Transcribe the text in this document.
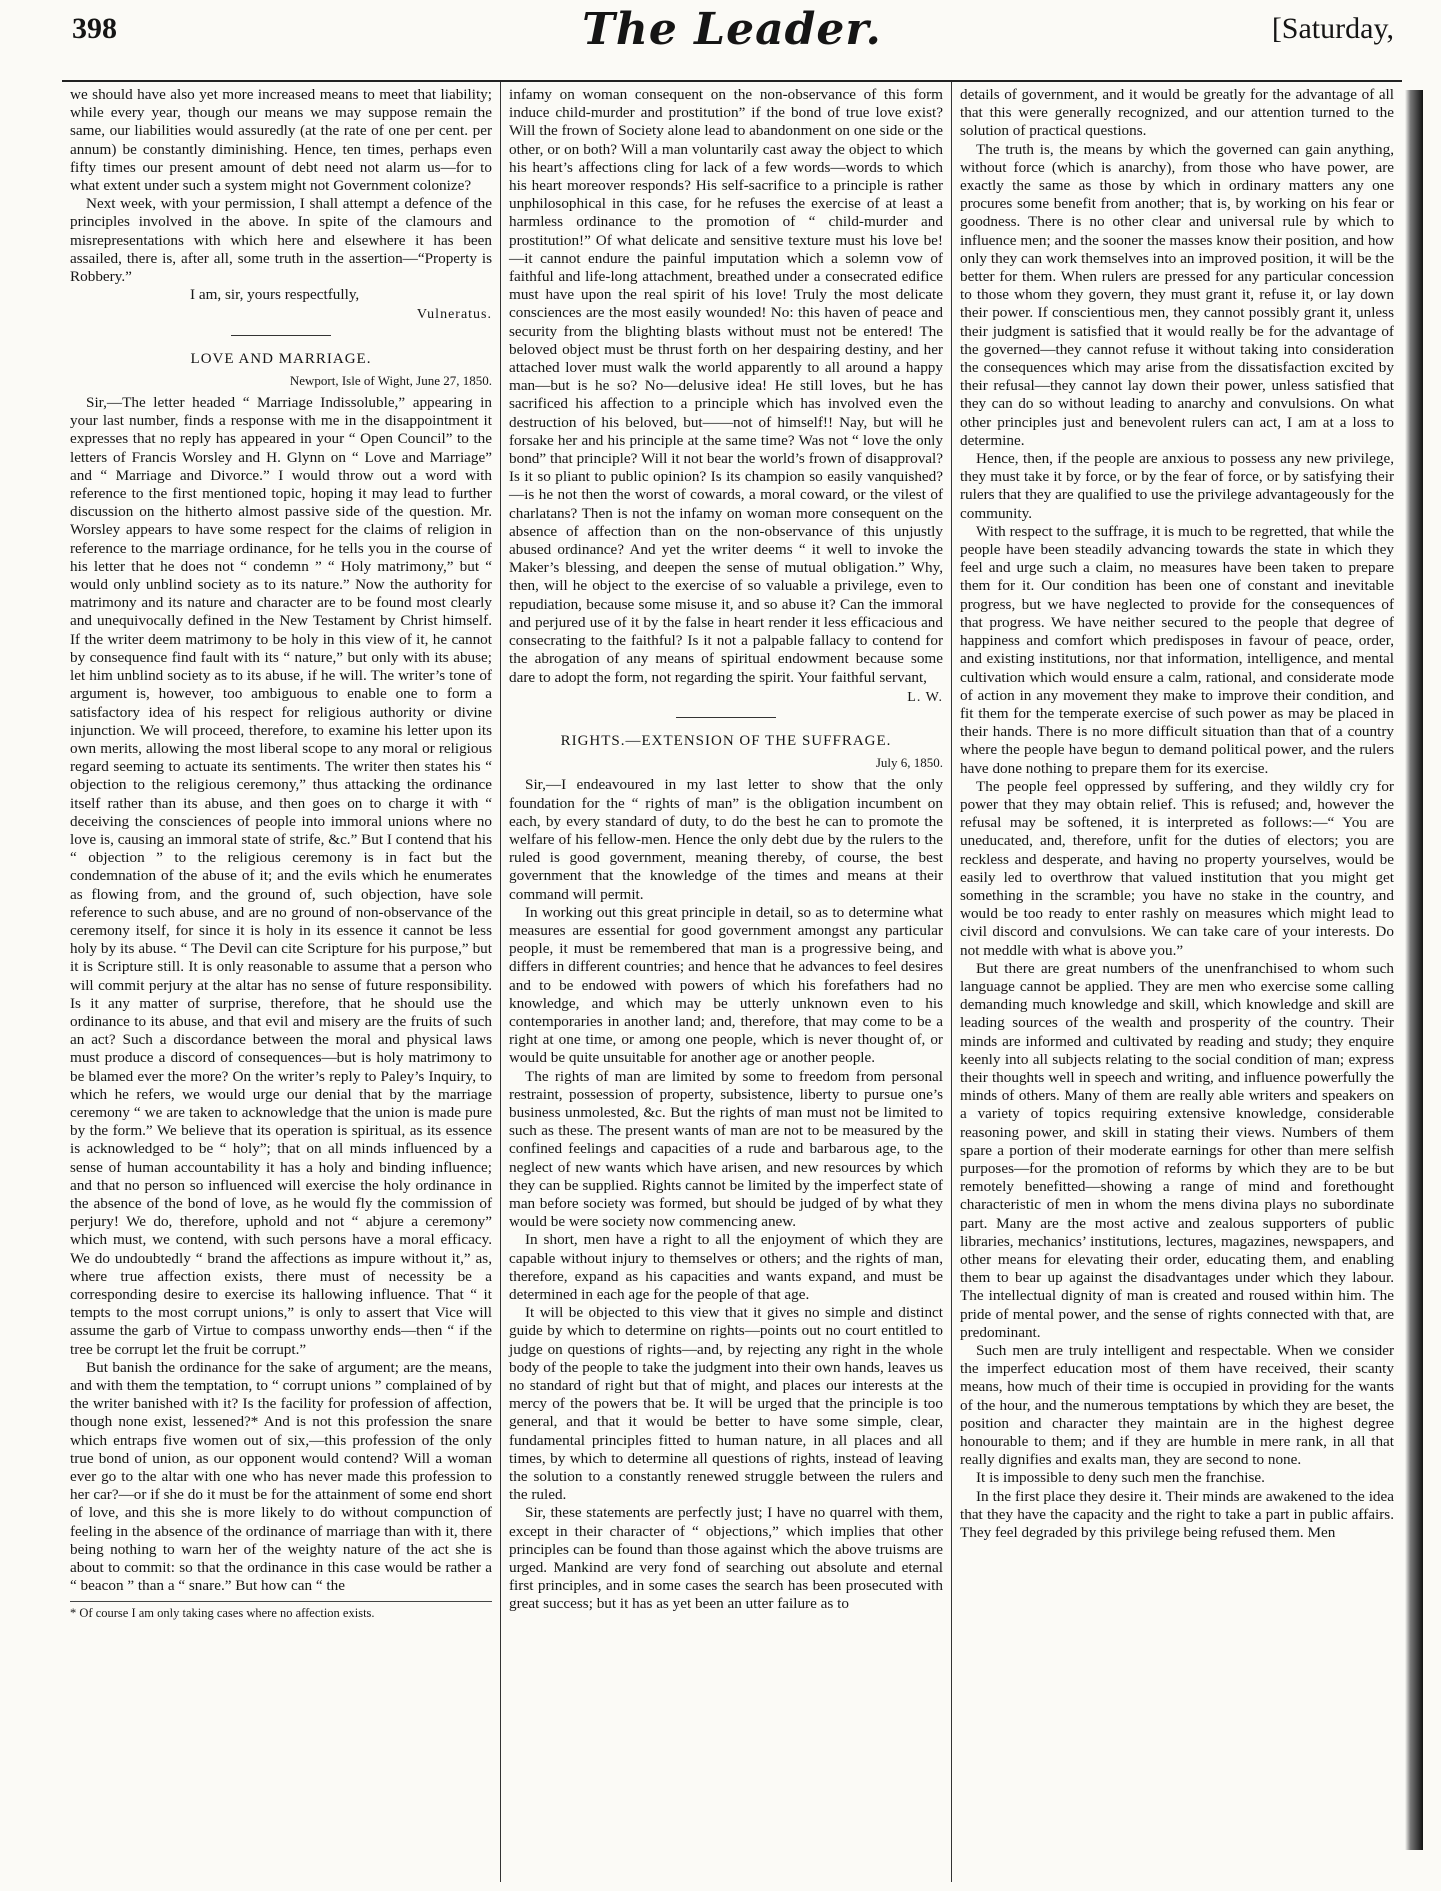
398	The Leader.	[Saturday,

we should have also yet more increased means to meet that liability; while every year, though our means we may suppose remain the same, our liabilities would assuredly (at the rate of one per cent. per annum) be constantly diminishing. Hence, ten times, perhaps even fifty times our present amount of debt need not alarm us—for to what extent under such a system might not Government colonize?

Next week, with your permission, I shall attempt a defence of the principles involved in the above. In spite of the clamours and misrepresentations with which here and elsewhere it has been assailed, there is, after all, some truth in the assertion—“Property is Robbery.”

I am, sir, yours respectfully,

Vulneratus.
LOVE AND MARRIAGE.
Newport, Isle of Wight, June 27, 1850.

Sir,—The letter headed “ Marriage Indissoluble,” appearing in your last number, finds a response with me in the disappointment it expresses that no reply has appeared in your “ Open Council” to the letters of Francis Worsley and H. Glynn on “ Love and Marriage” and “ Marriage and Divorce.” I would throw out a word with reference to the first mentioned topic, hoping it may lead to further discussion on the hitherto almost passive side of the question. Mr. Worsley appears to have some respect for the claims of religion in reference to the marriage ordinance, for he tells you in the course of his letter that he does not “ condemn ” “ Holy matrimony,” but “ would only unblind society as to its nature.” Now the authority for matrimony and its nature and character are to be found most clearly and unequivocally defined in the New Testament by Christ himself. If the writer deem matrimony to be holy in this view of it, he cannot by consequence find fault with its “ nature,” but only with its abuse; let him unblind society as to its abuse, if he will. The writer’s tone of argument is, however, too ambiguous to enable one to form a satisfactory idea of his respect for religious authority or divine injunction. We will proceed, therefore, to examine his letter upon its own merits, allowing the most liberal scope to any moral or religious regard seeming to actuate its sentiments. The writer then states his “ objection to the religious ceremony,” thus attacking the ordinance itself rather than its abuse, and then goes on to charge it with “ deceiving the consciences of people into immoral unions where no love is, causing an immoral state of strife, &c.” But I contend that his “ objection ” to the religious ceremony is in fact but the condemnation of the abuse of it; and the evils which he enumerates as flowing from, and the ground of, such objection, have sole reference to such abuse, and are no ground of non-observance of the ceremony itself, for since it is holy in its essence it cannot be less holy by its abuse. “ The Devil can cite Scripture for his purpose,” but it is Scripture still. It is only reasonable to assume that a person who will commit perjury at the altar has no sense of future responsibility. Is it any matter of surprise, therefore, that he should use the ordinance to its abuse, and that evil and misery are the fruits of such an act? Such a discordance between the moral and physical laws must produce a discord of consequences—but is holy matrimony to be blamed ever the more? On the writer’s reply to Paley’s Inquiry, to which he refers, we would urge our denial that by the marriage ceremony “ we are taken to acknowledge that the union is made pure by the form.” We believe that its operation is spiritual, as its essence is acknowledged to be “ holy”; that on all minds influenced by a sense of human accountability it has a holy and binding influence; and that no person so influenced will exercise the holy ordinance in the absence of the bond of love, as he would fly the commission of perjury! We do, therefore, uphold and not “ abjure a ceremony” which must, we contend, with such persons have a moral efficacy. We do undoubtedly “ brand the affections as impure without it,” as, where true affection exists, there must of necessity be a corresponding desire to exercise its hallowing influence. That “ it tempts to the most corrupt unions,” is only to assert that Vice will assume the garb of Virtue to compass unworthy ends—then “ if the tree be corrupt let the fruit be corrupt.”

But banish the ordinance for the sake of argument; are the means, and with them the temptation, to “ corrupt unions ” complained of by the writer banished with it? Is the facility for profession of affection, though none exist, lessened?* And is not this profession the snare which entraps five women out of six,—this profession of the only true bond of union, as our opponent would contend? Will a woman ever go to the altar with one who has never made this profession to her car?—or if she do it must be for the attainment of some end short of love, and this she is more likely to do without compunction of feeling in the absence of the ordinance of marriage than with it, there being nothing to warn her of the weighty nature of the act she is about to commit: so that the ordinance in this case would be rather a “ beacon ” than a “ snare.” But how can “ the

* Of course I am only taking cases where no affection exists.

infamy on woman consequent on the non-observance of this form induce child-murder and prostitution” if the bond of true love exist? Will the frown of Society alone lead to abandonment on one side or the other, or on both? Will a man voluntarily cast away the object to which his heart’s affections cling for lack of a few words—words to which his heart moreover responds? His self-sacrifice to a principle is rather unphilosophical in this case, for he refuses the exercise of at least a harmless ordinance to the promotion of “ child-murder and prostitution!” Of what delicate and sensitive texture must his love be!—it cannot endure the painful imputation which a solemn vow of faithful and life-long attachment, breathed under a consecrated edifice must have upon the real spirit of his love! Truly the most delicate consciences are the most easily wounded! No: this haven of peace and security from the blighting blasts without must not be entered! The beloved object must be thrust forth on her despairing destiny, and her attached lover must walk the world apparently to all around a happy man—but is he so? No—delusive idea! He still loves, but he has sacrificed his affection to a principle which has involved even the destruction of his beloved, but——not of himself!! Nay, but will he forsake her and his principle at the same time? Was not “ love the only bond” that principle? Will it not bear the world’s frown of disapproval? Is it so pliant to public opinion? Is its champion so easily vanquished?—is he not then the worst of cowards, a moral coward, or the vilest of charlatans? Then is not the infamy on woman more consequent on the absence of affection than on the non-observance of this unjustly abused ordinance? And yet the writer deems “ it well to invoke the Maker’s blessing, and deepen the sense of mutual obligation.” Why, then, will he object to the exercise of so valuable a privilege, even to repudiation, because some misuse it, and so abuse it? Can the immoral and perjured use of it by the false in heart render it less efficacious and consecrating to the faithful? Is it not a palpable fallacy to contend for the abrogation of any means of spiritual endowment because some dare to adopt the form, not regarding the spirit. Your faithful servant,

L. W.
RIGHTS.—EXTENSION OF THE SUFFRAGE.
July 6, 1850.

Sir,—I endeavoured in my last letter to show that the only foundation for the “ rights of man” is the obligation incumbent on each, by every standard of duty, to do the best he can to promote the welfare of his fellow-men. Hence the only debt due by the rulers to the ruled is good government, meaning thereby, of course, the best government that the knowledge of the times and means at their command will permit.

In working out this great principle in detail, so as to determine what measures are essential for good government amongst any particular people, it must be remembered that man is a progressive being, and differs in different countries; and hence that he advances to feel desires and to be endowed with powers of which his forefathers had no knowledge, and which may be utterly unknown even to his contemporaries in another land; and, therefore, that may come to be a right at one time, or among one people, which is never thought of, or would be quite unsuitable for another age or another people.

The rights of man are limited by some to freedom from personal restraint, possession of property, subsistence, liberty to pursue one’s business unmolested, &c. But the rights of man must not be limited to such as these. The present wants of man are not to be measured by the confined feelings and capacities of a rude and barbarous age, to the neglect of new wants which have arisen, and new resources by which they can be supplied. Rights cannot be limited by the imperfect state of man before society was formed, but should be judged of by what they would be were society now commencing anew.

In short, men have a right to all the enjoyment of which they are capable without injury to themselves or others; and the rights of man, therefore, expand as his capacities and wants expand, and must be determined in each age for the people of that age.

It will be objected to this view that it gives no simple and distinct guide by which to determine on rights—points out no court entitled to judge on questions of rights—and, by rejecting any right in the whole body of the people to take the judgment into their own hands, leaves us no standard of right but that of might, and places our interests at the mercy of the powers that be. It will be urged that the principle is too general, and that it would be better to have some simple, clear, fundamental principles fitted to human nature, in all places and all times, by which to determine all questions of rights, instead of leaving the solution to a constantly renewed struggle between the rulers and the ruled.

Sir, these statements are perfectly just; I have no quarrel with them, except in their character of “ objections,” which implies that other principles can be found than those against which the above truisms are urged. Mankind are very fond of searching out absolute and eternal first principles, and in some cases the search has been prosecuted with great success; but it has as yet been an utter failure as to

details of government, and it would be greatly for the advantage of all that this were generally recognized, and our attention turned to the solution of practical questions.

The truth is, the means by which the governed can gain anything, without force (which is anarchy), from those who have power, are exactly the same as those by which in ordinary matters any one procures some benefit from another; that is, by working on his fear or goodness. There is no other clear and universal rule by which to influence men; and the sooner the masses know their position, and how only they can work themselves into an improved position, it will be the better for them. When rulers are pressed for any particular concession to those whom they govern, they must grant it, refuse it, or lay down their power. If conscientious men, they cannot possibly grant it, unless their judgment is satisfied that it would really be for the advantage of the governed—they cannot refuse it without taking into consideration the consequences which may arise from the dissatisfaction excited by their refusal—they cannot lay down their power, unless satisfied that they can do so without leading to anarchy and convulsions. On what other principles just and benevolent rulers can act, I am at a loss to determine.

Hence, then, if the people are anxious to possess any new privilege, they must take it by force, or by the fear of force, or by satisfying their rulers that they are qualified to use the privilege advantageously for the community.

With respect to the suffrage, it is much to be regretted, that while the people have been steadily advancing towards the state in which they feel and urge such a claim, no measures have been taken to prepare them for it. Our condition has been one of constant and inevitable progress, but we have neglected to provide for the consequences of that progress. We have neither secured to the people that degree of happiness and comfort which predisposes in favour of peace, order, and existing institutions, nor that information, intelligence, and mental cultivation which would ensure a calm, rational, and considerate mode of action in any movement they make to improve their condition, and fit them for the temperate exercise of such power as may be placed in their hands. There is no more difficult situation than that of a country where the people have begun to demand political power, and the rulers have done nothing to prepare them for its exercise.

The people feel oppressed by suffering, and they wildly cry for power that they may obtain relief. This is refused; and, however the refusal may be softened, it is interpreted as follows:—“ You are uneducated, and, therefore, unfit for the duties of electors; you are reckless and desperate, and having no property yourselves, would be easily led to overthrow that valued institution that you might get something in the scramble; you have no stake in the country, and would be too ready to enter rashly on measures which might lead to civil discord and convulsions. We can take care of your interests. Do not meddle with what is above you.”

But there are great numbers of the unenfranchised to whom such language cannot be applied. They are men who exercise some calling demanding much knowledge and skill, which knowledge and skill are leading sources of the wealth and prosperity of the country. Their minds are informed and cultivated by reading and study; they enquire keenly into all subjects relating to the social condition of man; express their thoughts well in speech and writing, and influence powerfully the minds of others. Many of them are really able writers and speakers on a variety of topics requiring extensive knowledge, considerable reasoning power, and skill in stating their views. Numbers of them spare a portion of their moderate earnings for other than mere selfish purposes—for the promotion of reforms by which they are to be but remotely benefitted—showing a range of mind and forethought characteristic of men in whom the mens divina plays no subordinate part. Many are the most active and zealous supporters of public libraries, mechanics’ institutions, lectures, magazines, newspapers, and other means for elevating their order, educating them, and enabling them to bear up against the disadvantages under which they labour. The intellectual dignity of man is created and roused within him. The pride of mental power, and the sense of rights connected with that, are predominant.

Such men are truly intelligent and respectable. When we consider the imperfect education most of them have received, their scanty means, how much of their time is occupied in providing for the wants of the hour, and the numerous temptations by which they are beset, the position and character they maintain are in the highest degree honourable to them; and if they are humble in mere rank, in all that really dignifies and exalts man, they are second to none.

It is impossible to deny such men the franchise.

In the first place they desire it. Their minds are awakened to the idea that they have the capacity and the right to take a part in public affairs. They feel degraded by this privilege being refused them. Men
